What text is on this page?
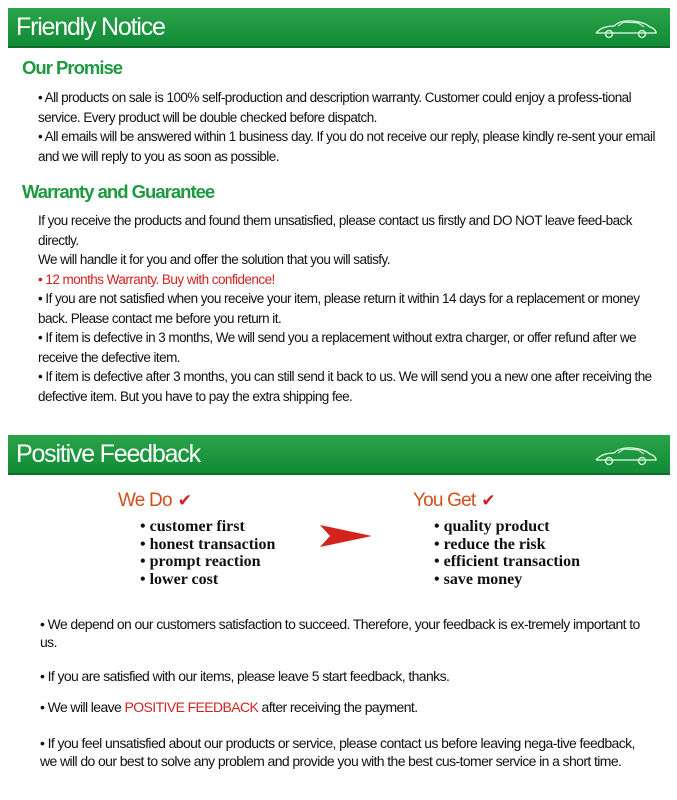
Friendly Notice
Our Promise

• All products on sale is 100% self-production and description warranty. Customer could enjoy a profess-tional service. Every product will be double checked before dispatch.

• All emails will be answered within 1 business day. If you do not receive our reply, please kindly re-sent your email and we will reply to you as soon as possible.

Warranty and Guarantee

If you receive the products and found them unsatisfied, please contact us firstly and DO NOT leave feed-back directly.

We will handle it for you and offer the solution that you will satisfy.

• 12 months Warranty. Buy with confidence!

• If you are not satisfied when you receive your item, please return it within 14 days for a replacement or money back. Please contact me before you return it.

• If item is defective in 3 months, We will send you a replacement without extra charger, or offer refund after we receive the defective item.

• If item is defective after 3 months, you can still send it back to us. We will send you a new one after receiving the defective item. But you have to pay the extra shipping fee.

Positive Feedback
We Do ✔
• customer first
• honest transaction
• prompt reaction
• lower cost
You Get ✔
• quality product
• reduce the risk
• efficient transaction
• save money

• We depend on our customers satisfaction to succeed. Therefore, your feedback is ex-tremely important to us.

• If you are satisfied with our items, please leave 5 start feedback, thanks.

• We will leave POSITIVE FEEDBACK after receiving the payment.

• If you feel unsatisfied about our products or service, please contact us before leaving nega-tive feedback, we will do our best to solve any problem and provide you with the best cus-tomer service in a short time.
